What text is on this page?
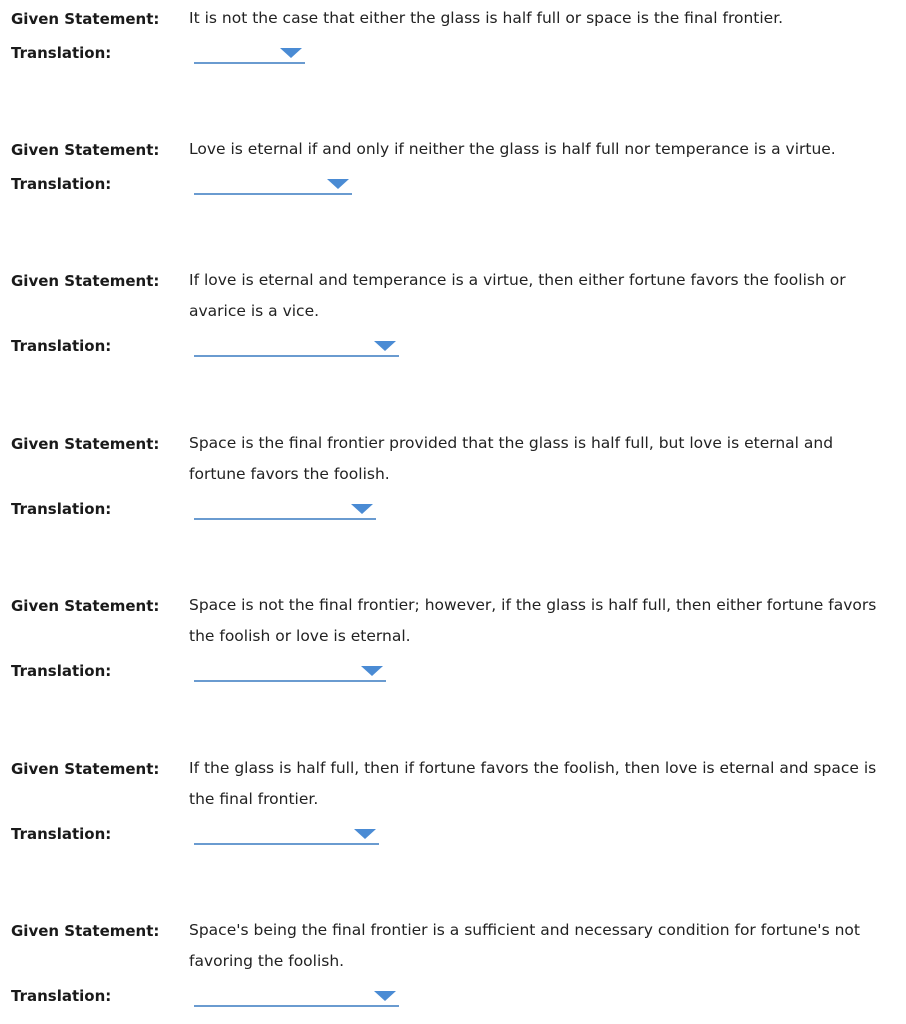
Given Statement: It is not the case that either the glass is half full or space is the final frontier.
Translation:
Given Statement: Love is eternal if and only if neither the glass is half full nor temperance is a virtue.
Translation:
Given Statement: If love is eternal and temperance is a virtue, then either fortune favors the foolish or avarice is a vice.
Translation:
Given Statement: Space is the final frontier provided that the glass is half full, but love is eternal and fortune favors the foolish.
Translation:
Given Statement: Space is not the final frontier; however, if the glass is half full, then either fortune favors the foolish or love is eternal.
Translation:
Given Statement: If the glass is half full, then if fortune favors the foolish, then love is eternal and space is the final frontier.
Translation:
Given Statement: Space's being the final frontier is a sufficient and necessary condition for fortune's not favoring the foolish.
Translation:
